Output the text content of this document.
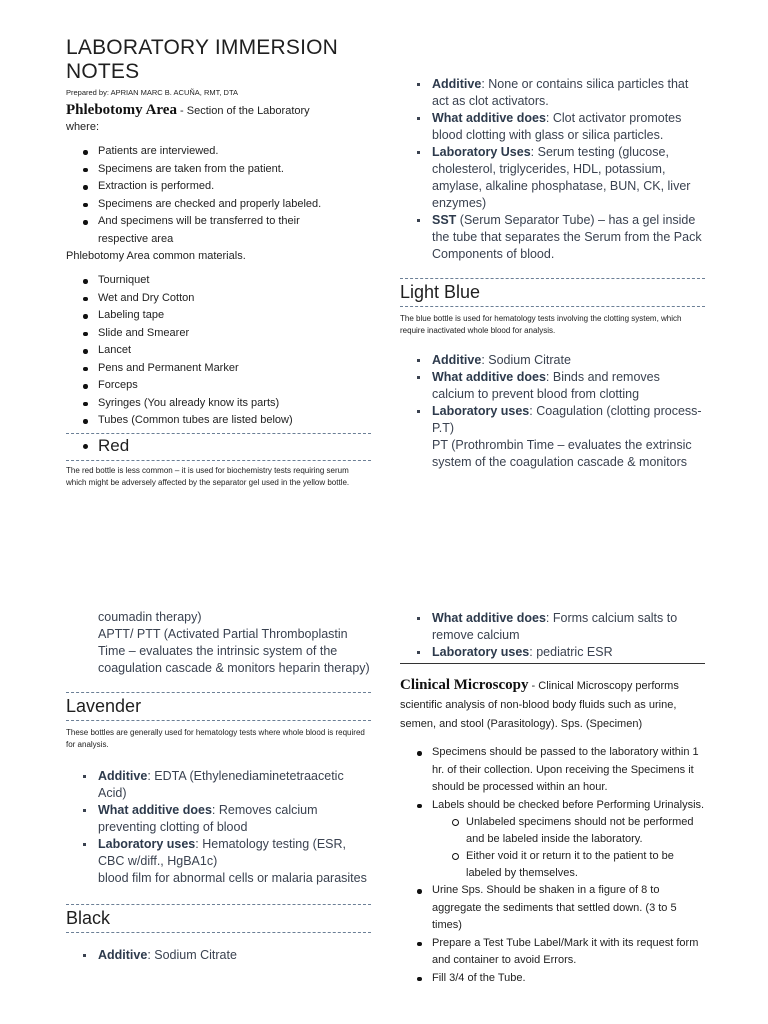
LABORATORY IMMERSION NOTES

Prepared by: APRIAN MARC B. ACUÑA, RMT, DTA

Phlebotomy Area - Section of the Laboratory
where:
Patients are interviewed.
Specimens are taken from the patient.
Extraction is performed.
Specimens are checked and properly labeled.
And specimens will be transferred to their respective area
Phlebotomy Area common materials.
Tourniquet
Wet and Dry Cotton
Labeling tape
Slide and Smearer
Lancet
Pens and Permanent Marker
Forceps
Syringes (You already know its parts)
Tubes (Common tubes are listed below)
Red
The red bottle is less common – it is used for biochemistry tests requiring serum which might be adversely affected by the separator gel used in the yellow bottle.
Additive: None or contains silica particles that act as clot activators.
What additive does: Clot activator promotes blood clotting with glass or silica particles.
Laboratory Uses: Serum testing (glucose, cholesterol, triglycerides, HDL, potassium, amylase, alkaline phosphatase, BUN, CK, liver enzymes)
SST (Serum Separator Tube) – has a gel inside the tube that separates the Serum from the Pack Components of blood.
Light Blue
The blue bottle is used for hematology tests involving the clotting system, which require inactivated whole blood for analysis.
Additive: Sodium Citrate
What additive does: Binds and removes calcium to prevent blood from clotting
Laboratory uses: Coagulation (clotting process-P.T)
PT (Prothrombin Time – evaluates the extrinsic system of the coagulation cascade & monitors
coumadin therapy)
APTT/ PTT (Activated Partial Thromboplastin Time – evaluates the intrinsic system of the coagulation cascade & monitors heparin therapy)
Lavender
These bottles are generally used for hematology tests where whole blood is required for analysis.
Additive: EDTA (Ethylenediaminetetraacetic Acid)
What additive does: Removes calcium preventing clotting of blood
Laboratory uses: Hematology testing (ESR, CBC w/diff., HgBA1c)
blood film for abnormal cells or malaria parasites
Black
Additive: Sodium Citrate
What additive does: Forms calcium salts to remove calcium
Laboratory uses: pediatric ESR
Clinical Microscopy - Clinical Microscopy performs scientific analysis of non-blood body fluids such as urine, semen, and stool (Parasitology). Sps. (Specimen)
Specimens should be passed to the laboratory within 1 hr. of their collection. Upon receiving the Specimens it should be processed within an hour.
Labels should be checked before Performing Urinalysis.
Unlabeled specimens should not be performed and be labeled inside the laboratory.
Either void it or return it to the patient to be labeled by themselves.
Urine Sps. Should be shaken in a figure of 8 to aggregate the sediments that settled down. (3 to 5 times)
Prepare a Test Tube Label/Mark it with its request form and container to avoid Errors.
Fill 3/4 of the Tube.
